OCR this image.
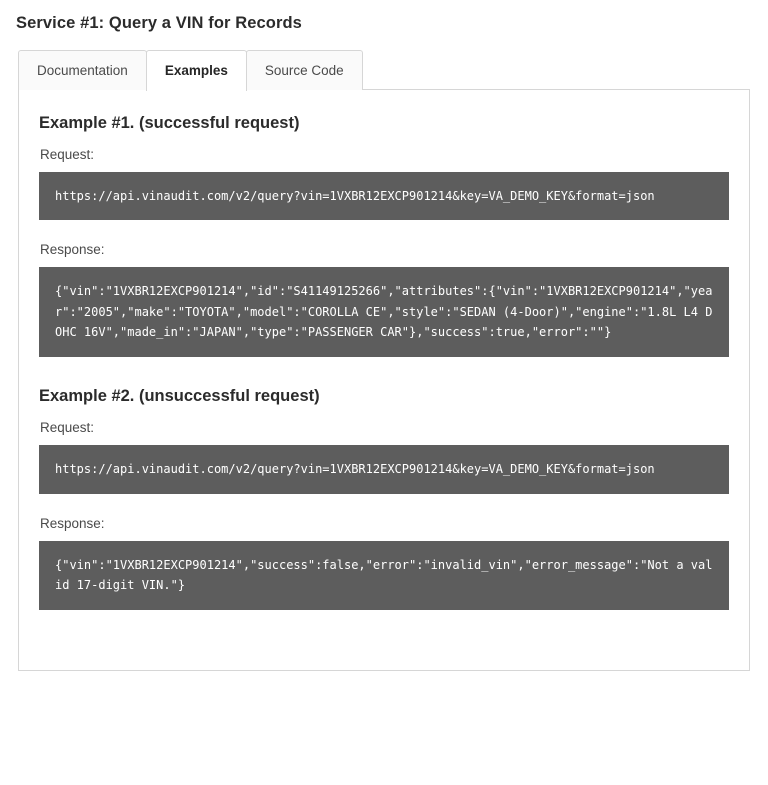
Service #1: Query a VIN for Records
Documentation	Examples	Source Code
Example #1. (successful request)
Request:
https://api.vinaudit.com/v2/query?vin=1VXBR12EXCP901214&key=VA_DEMO_KEY&format=json
Response:
{"vin":"1VXBR12EXCP901214","id":"S41149125266","attributes":{"vin":"1VXBR12EXCP901214","year":"2005","make":"TOYOTA","model":"COROLLA CE","style":"SEDAN (4-Door)","engine":"1.8L L4 DOHC 16V","made_in":"JAPAN","type":"PASSENGER CAR"},"success":true,"error":""}
Example #2. (unsuccessful request)
Request:
https://api.vinaudit.com/v2/query?vin=1VXBR12EXCP901214&key=VA_DEMO_KEY&format=json
Response:
{"vin":"1VXBR12EXCP901214","success":false,"error":"invalid_vin","error_message":"Not a valid 17-digit VIN."}
